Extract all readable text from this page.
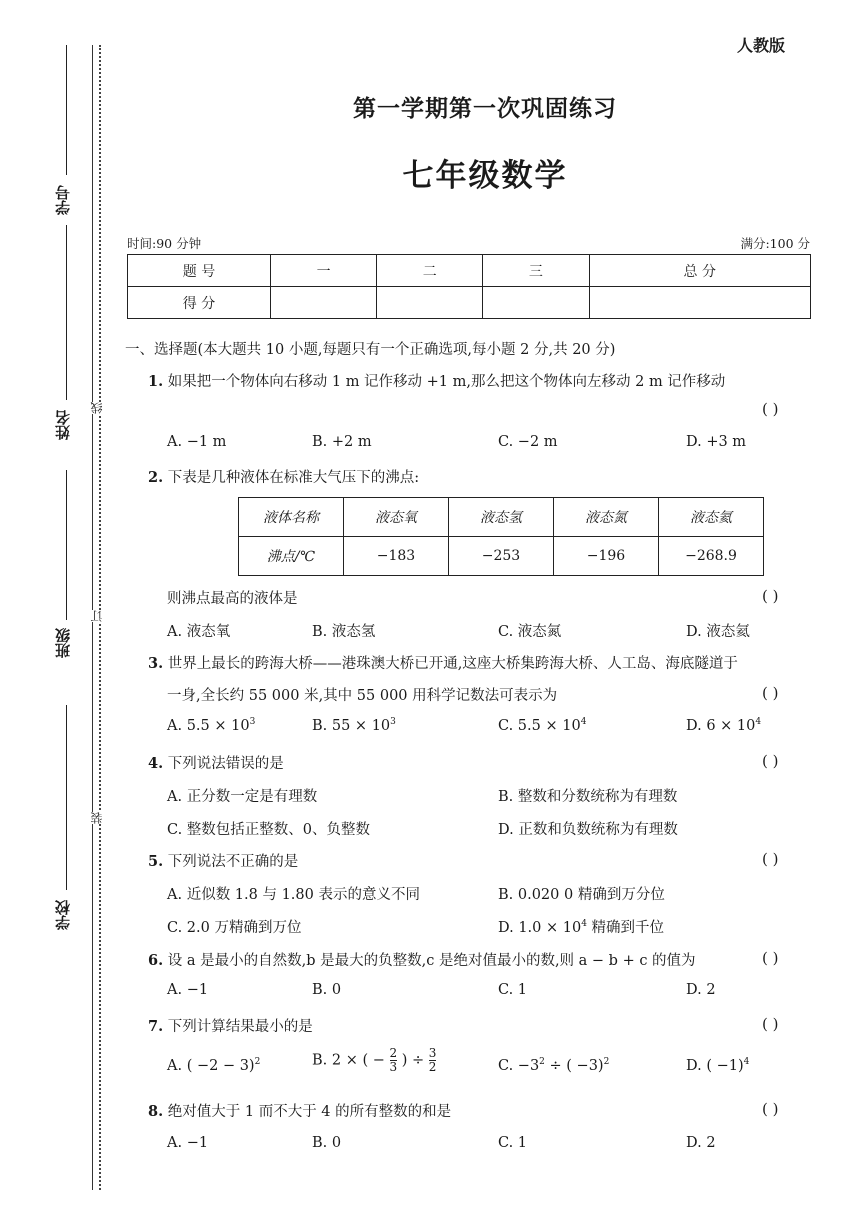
学号
姓名
班级
学校
线
订
装
人教版
第一学期第一次巩固练习
七年级数学
时间:90 分钟	满分:100 分
题 号	一	二	三	总 分
得 分				
一、选择题(本大题共 10 小题,每题只有一个正确选项,每小题 2 分,共 20 分)
1. 如果把一个物体向右移动 1 m 记作移动 +1 m,那么把这个物体向左移动 2 m 记作移动
( )
A. −1 m	B. +2 m	C. −2 m	D. +3 m
2. 下表是几种液体在标准大气压下的沸点:
液体名称	液态氧	液态氢	液态氮	液态氦
沸点/℃	−183	−253	−196	−268.9
则沸点最高的液体是	( )
A. 液态氧	B. 液态氢	C. 液态氮	D. 液态氦
3. 世界上最长的跨海大桥——港珠澳大桥已开通,这座大桥集跨海大桥、人工岛、海底隧道于
一身,全长约 55 000 米,其中 55 000 用科学记数法可表示为	( )
A. $5.5 \times 10^3$	B. $55 \times 10^3$	C. $5.5 \times 10^4$	D. $6 \times 10^4$
4. 下列说法错误的是	( )
A. 正分数一定是有理数	B. 整数和分数统称为有理数
C. 整数包括正整数、0、负整数	D. 正数和负数统称为有理数
5. 下列说法不正确的是	( )
A. 近似数 1.8 与 1.80 表示的意义不同	B. 0.020 0 精确到万分位
C. 2.0 万精确到万位	D. $1.0 \times 10^4$ 精确到千位
6. 设 a 是最小的自然数,b 是最大的负整数,c 是绝对值最小的数,则 a − b + c 的值为	( )
A. −1	B. 0	C. 1	D. 2
7. 下列计算结果最小的是	( )
A. ( −2 − 3)$^2$	B. 2 × ( − $\frac{2}{3}$ ) ÷ $\frac{3}{2}$	C. $-3^2$ ÷ ( −3)$^2$	D. ( −1)$^4$
8. 绝对值大于 1 而不大于 4 的所有整数的和是	( )
A. −1	B. 0	C. 1	D. 2
